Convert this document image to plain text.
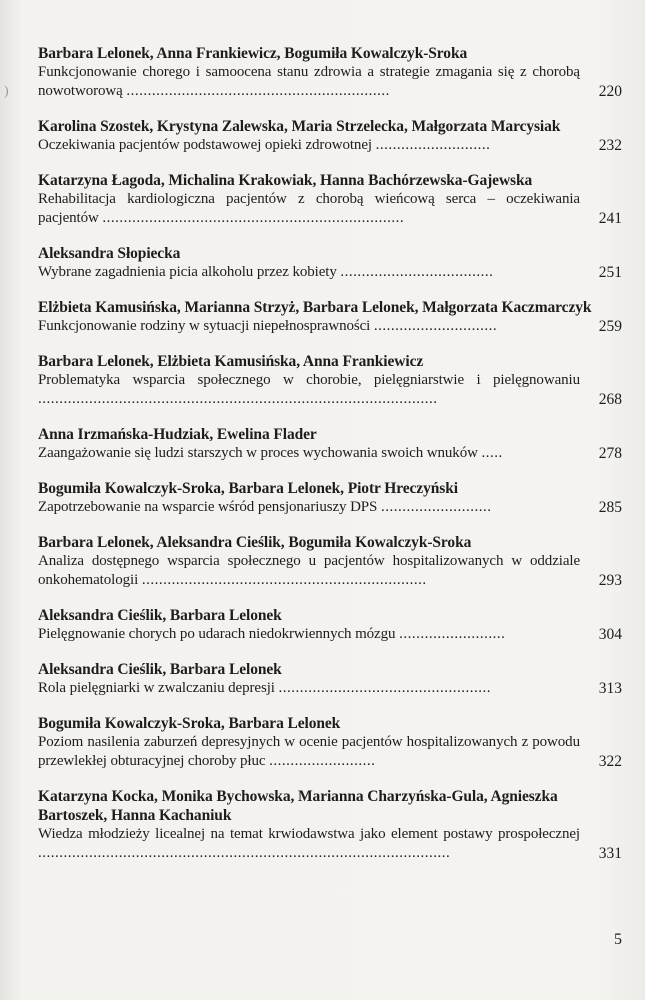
)
Barbara Lelonek, Anna Frankiewicz, Bogumiła Kowalczyk-Sroka
Funkcjonowanie chorego i samoocena stanu zdrowia a strategie zmagania się z chorobą nowotworową ..............................................................	220
Karolina Szostek, Krystyna Zalewska, Maria Strzelecka, Małgorzata Marcysiak
Oczekiwania pacjentów podstawowej opieki zdrowotnej ...........................	232
Katarzyna Łagoda, Michalina Krakowiak, Hanna Bachórzewska-Gajewska
Rehabilitacja kardiologiczna pacjentów z chorobą wieńcową serca – oczekiwania pacjentów .......................................................................	241
Aleksandra Słopiecka
Wybrane zagadnienia picia alkoholu przez kobiety ....................................	251
Elżbieta Kamusińska, Marianna Strzyż, Barbara Lelonek, Małgorzata Kaczmarczyk
Funkcjonowanie rodziny w sytuacji niepełnosprawności .............................	259
Barbara Lelonek, Elżbieta Kamusińska, Anna Frankiewicz
Problematyka wsparcia społecznego w chorobie, pielęgniarstwie i pielęgnowaniu ..............................................................................................	268
Anna Irzmańska-Hudziak, Ewelina Flader
Zaangażowanie się ludzi starszych w proces wychowania swoich wnuków .....	278
Bogumiła Kowalczyk-Sroka, Barbara Lelonek, Piotr Hreczyński
Zapotrzebowanie na wsparcie wśród pensjonariuszy DPS ..........................	285
Barbara Lelonek, Aleksandra Cieślik, Bogumiła Kowalczyk-Sroka
Analiza dostępnego wsparcia społecznego u pacjentów hospitalizowanych w oddziale onkohematologii ...................................................................	293
Aleksandra Cieślik, Barbara Lelonek
Pielęgnowanie chorych po udarach niedokrwiennych mózgu .........................	304
Aleksandra Cieślik, Barbara Lelonek
Rola pielęgniarki w zwalczaniu depresji ..................................................	313
Bogumiła Kowalczyk-Sroka, Barbara Lelonek
Poziom nasilenia zaburzeń depresyjnych w ocenie pacjentów hospitalizowanych z powodu przewlekłej obturacyjnej choroby płuc .........................	322
Katarzyna Kocka, Monika Bychowska, Marianna Charzyńska-Gula, Agnieszka Bartoszek, Hanna Kachaniuk
Wiedza młodzieży licealnej na temat krwiodawstwa jako element postawy prospołecznej .................................................................................................	331
5
